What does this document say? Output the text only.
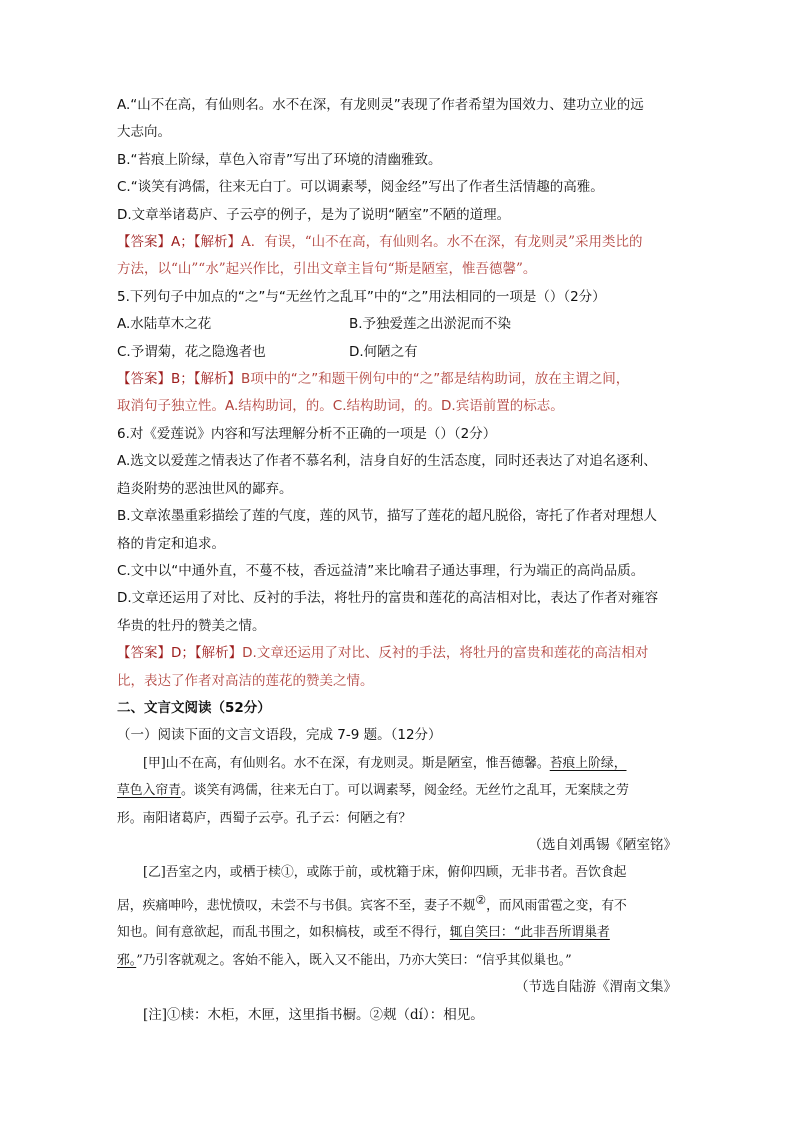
A.“山不在高，有仙则名。水不在深，有龙则灵”表现了作者希望为国效力、建功立业的远
大志向。
B.“苔痕上阶绿，草色入帘青”写出了环境的清幽雅致。
C.“谈笑有鸿儒，往来无白丁。可以调素琴，阅金经”写出了作者生活情趣的高雅。
D.文章举诸葛庐、子云亭的例子，是为了说明“陋室”不陋的道理。
【答案】A；【解析】A．有误，“山不在高，有仙则名。水不在深，有龙则灵”采用类比的
方法，以“山”“水”起兴作比，引出文章主旨句“斯是陋室，惟吾德馨”。
5.下列句子中加点的“之”与“无丝竹之乱耳”中的“之”用法相同的一项是（）（2分）
A.水陆草木之花	B.予独爱莲之出淤泥而不染
C.予谓菊，花之隐逸者也	D.何陋之有
【答案】B；【解析】B项中的“之”和题干例句中的“之”都是结构助词，放在主谓之间，
取消句子独立性。A.结构助词，的。C.结构助词，的。D.宾语前置的标志。
6.对《爱莲说》内容和写法理解分析不正确的一项是（）（2分）
A.选文以爱莲之情表达了作者不慕名利，洁身自好的生活态度，同时还表达了对追名逐利、
趋炎附势的恶浊世风的鄙弃。
B.文章浓墨重彩描绘了莲的气度，莲的风节，描写了莲花的超凡脱俗，寄托了作者对理想人
格的肯定和追求。
C.文中以“中通外直，不蔓不枝，香远益清”来比喻君子通达事理，行为端正的高尚品质。
D.文章还运用了对比、反衬的手法，将牡丹的富贵和莲花的高洁相对比，表达了作者对雍容
华贵的牡丹的赞美之情。
【答案】D；【解析】D.文章还运用了对比、反衬的手法，将牡丹的富贵和莲花的高洁相对
比，表达了作者对高洁的莲花的赞美之情。
二、文言文阅读（52分）
（一）阅读下面的文言文语段，完成 7-9 题。（12分）
[甲]山不在高，有仙则名。水不在深，有龙则灵。斯是陋室，惟吾德馨。苔痕上阶绿，
草色入帘青。谈笑有鸿儒，往来无白丁。可以调素琴，阅金经。无丝竹之乱耳，无案牍之劳
形。南阳诸葛庐，西蜀子云亭。孔子云：何陋之有？
（选自刘禹锡《陋室铭》
[乙]吾室之内，或栖于椟①，或陈于前，或枕籍于床，俯仰四顾，无非书者。吾饮食起
居，疾痛呻吟，悲忧愤叹，未尝不与书俱。宾客不至，妻子不觌②，而风雨雷雹之变，有不
知也。间有意欲起，而乱书围之，如积槁枝，或至不得行，辄自笑曰：“此非吾所谓巢者
邪。”乃引客就观之。客始不能入，既入又不能出，乃亦大笑曰：“信乎其似巢也。”
（节选自陆游《渭南文集》
[注]①椟：木柜，木匣，这里指书橱。②觌（dí）：相见。
